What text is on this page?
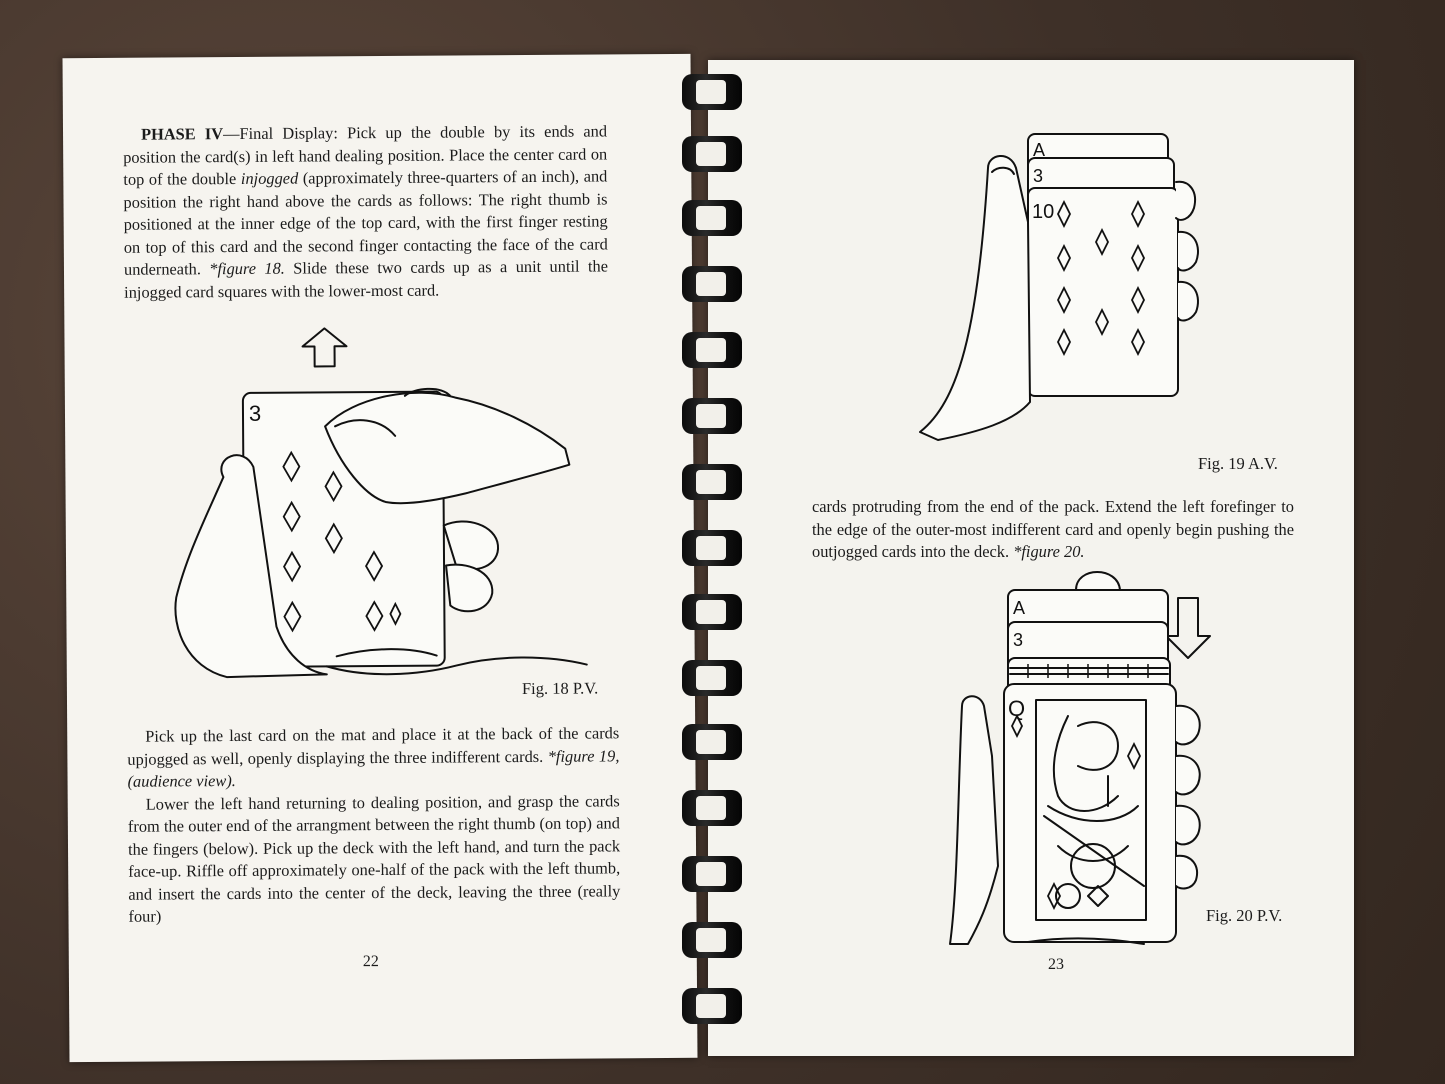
PHASE IV—Final Display: Pick up the double by its ends and position the card(s) in left hand dealing position. Place the center card on top of the double injogged (approximately three-quarters of an inch), and position the right hand above the cards as follows: The right thumb is positioned at the inner edge of the top card, with the first finger resting on top of this card and the second finger contacting the face of the card underneath. *figure 18. Slide these two cards up as a unit until the injogged card squares with the lower-most card.

3
Fig. 18 P.V.

Pick up the last card on the mat and place it at the back of the cards upjogged as well, openly displaying the three indifferent cards. *figure 19, (audience view).

Lower the left hand returning to dealing position, and grasp the cards from the outer end of the arrangment between the right thumb (on top) and the fingers (below). Pick up the deck with the left hand, and turn the pack face-up. Riffle off approximately one-half of the pack with the left thumb, and insert the cards into the center of the deck, leaving the three (really four)

22
A
3
10
Fig. 19 A.V.

cards protruding from the end of the pack. Extend the left forefinger to the edge of the outer-most indifferent card and openly begin pushing the outjogged cards into the deck. *figure 20.

A
3
Q
Fig. 20 P.V.
23
